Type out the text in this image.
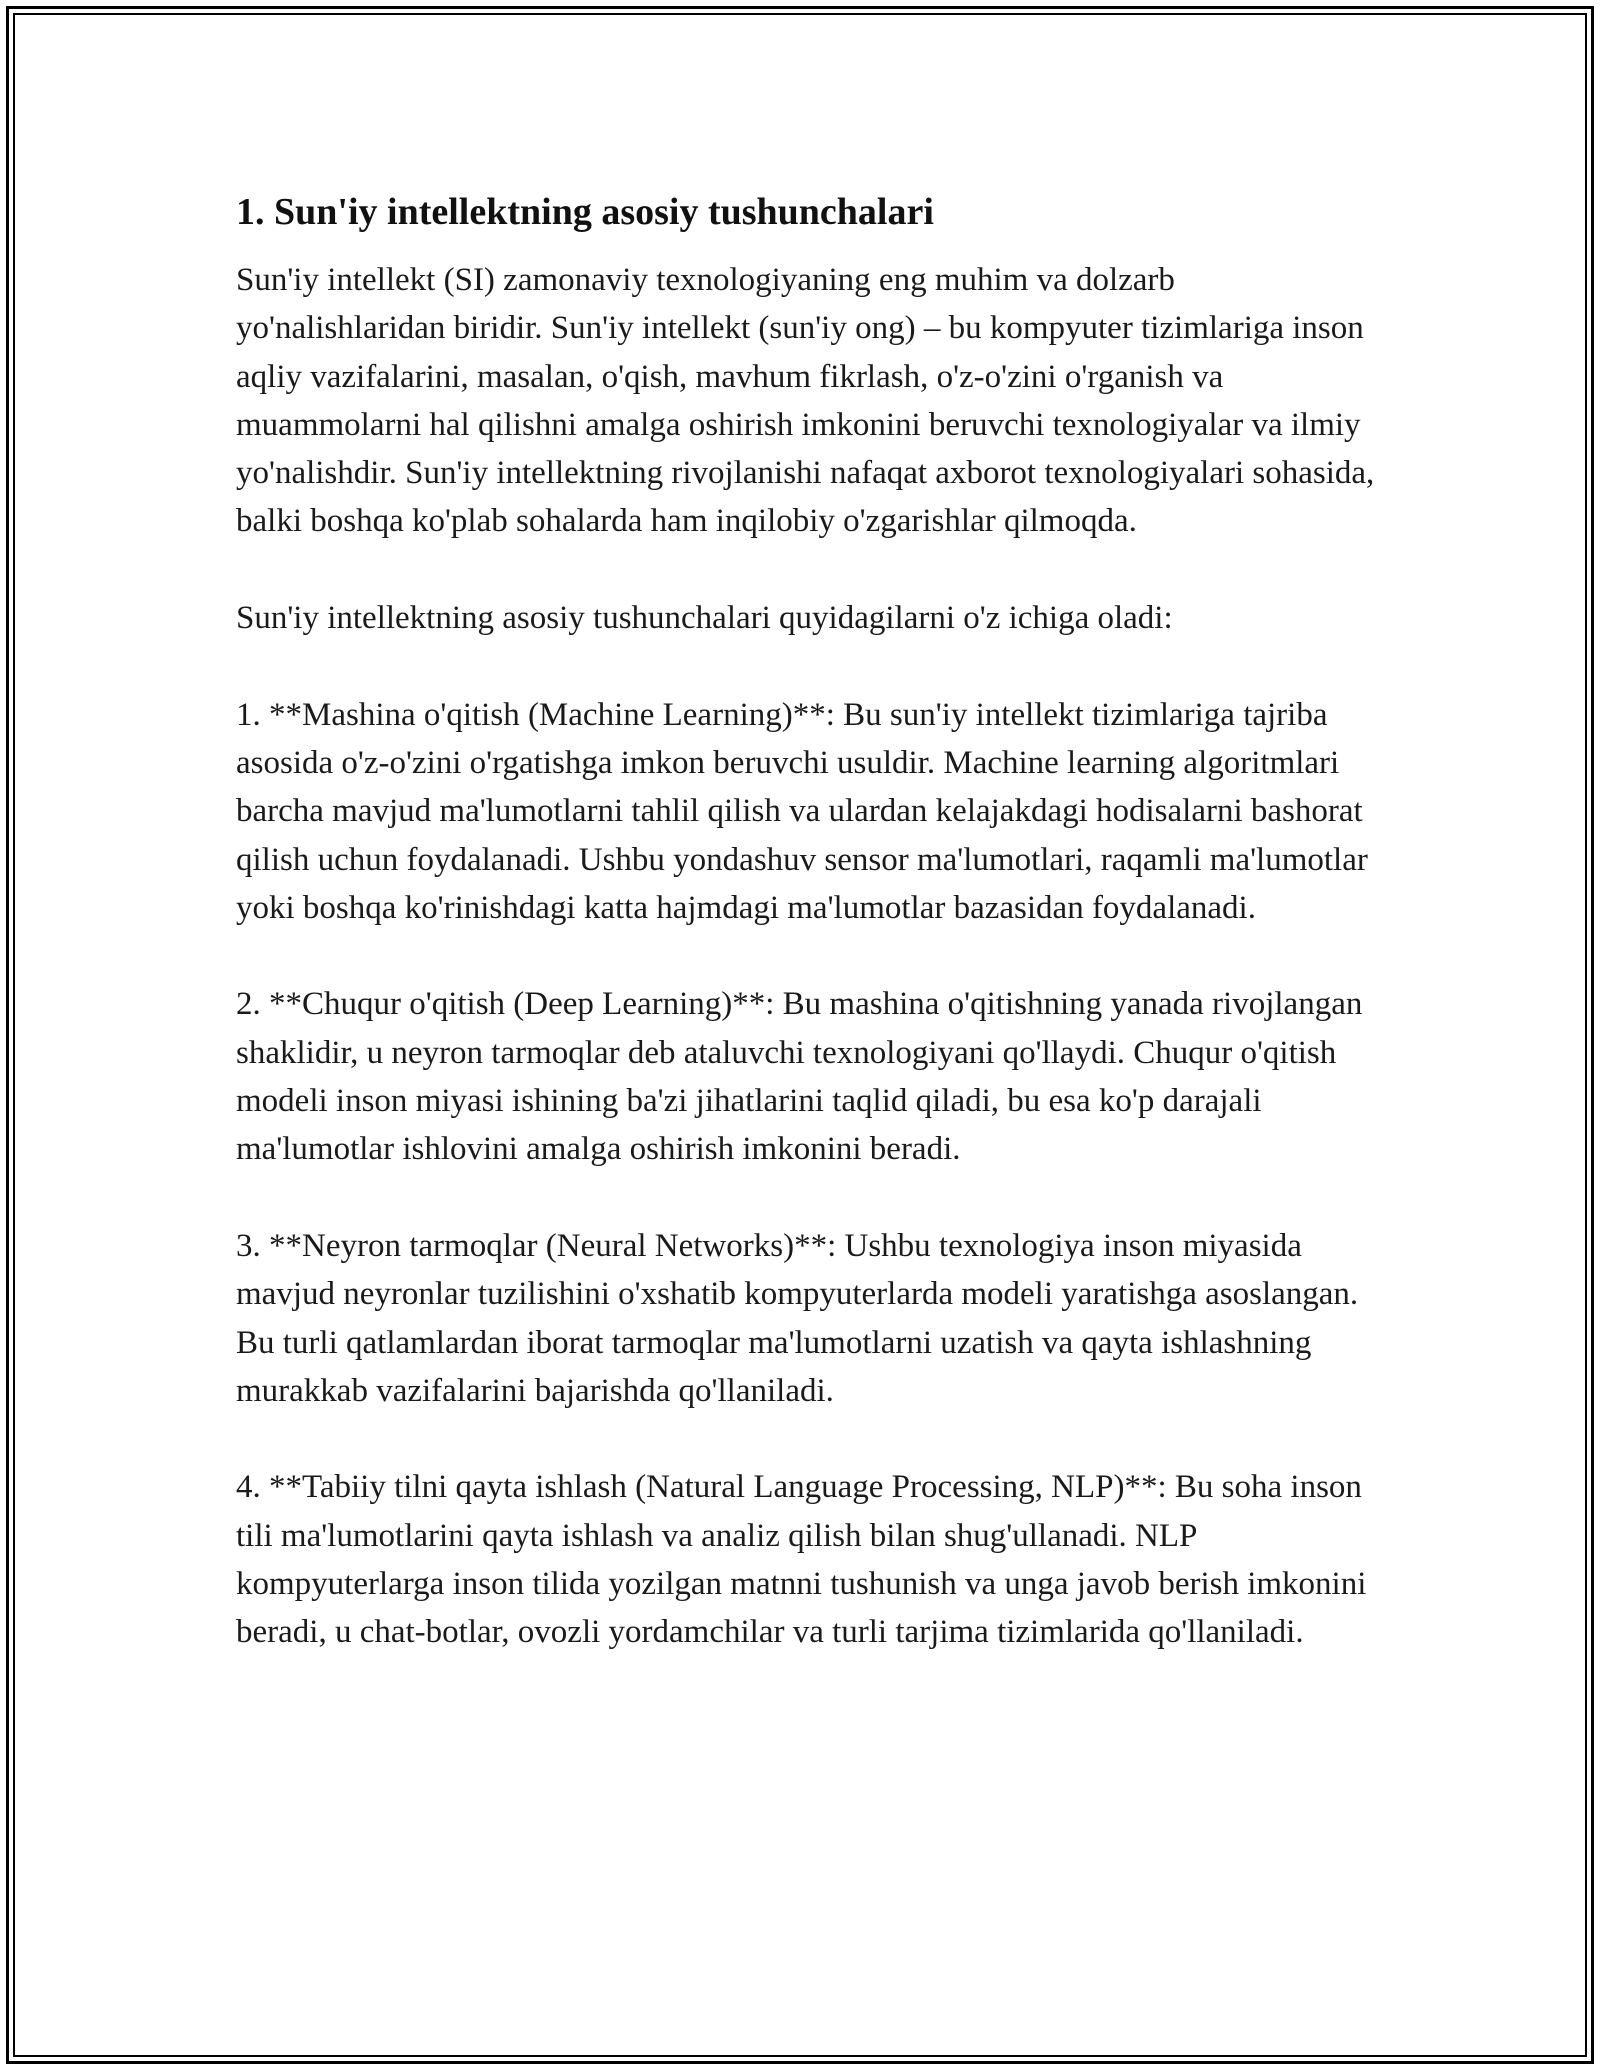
1. Sun'iy intellektning asosiy tushunchalari

Sun'iy intellekt (SI) zamonaviy texnologiyaning eng muhim va dolzarb yo'nalishlaridan biridir. Sun'iy intellekt (sun'iy ong) – bu kompyuter tizimlariga inson aqliy vazifalarini, masalan, o'qish, mavhum fikrlash, o'z-o'zini o'rganish va muammolarni hal qilishni amalga oshirish imkonini beruvchi texnologiyalar va ilmiy yo'nalishdir. Sun'iy intellektning rivojlanishi nafaqat axborot texnologiyalari sohasida, balki boshqa ko'plab sohalarda ham inqilobiy o'zgarishlar qilmoqda.

Sun'iy intellektning asosiy tushunchalari quyidagilarni o'z ichiga oladi:

1. **Mashina o'qitish (Machine Learning)**: Bu sun'iy intellekt tizimlariga tajriba asosida o'z-o'zini o'rgatishga imkon beruvchi usuldir. Machine learning algoritmlari barcha mavjud ma'lumotlarni tahlil qilish va ulardan kelajakdagi hodisalarni bashorat qilish uchun foydalanadi. Ushbu yondashuv sensor ma'lumotlari, raqamli ma'lumotlar yoki boshqa ko'rinishdagi katta hajmdagi ma'lumotlar bazasidan foydalanadi.

2. **Chuqur o'qitish (Deep Learning)**: Bu mashina o'qitishning yanada rivojlangan shaklidir, u neyron tarmoqlar deb ataluvchi texnologiyani qo'llaydi. Chuqur o'qitish modeli inson miyasi ishining ba'zi jihatlarini taqlid qiladi, bu esa ko'p darajali ma'lumotlar ishlovini amalga oshirish imkonini beradi.

3. **Neyron tarmoqlar (Neural Networks)**: Ushbu texnologiya inson miyasida mavjud neyronlar tuzilishini o'xshatib kompyuterlarda modeli yaratishga asoslangan. Bu turli qatlamlardan iborat tarmoqlar ma'lumotlarni uzatish va qayta ishlashning murakkab vazifalarini bajarishda qo'llaniladi.

4. **Tabiiy tilni qayta ishlash (Natural Language Processing, NLP)**: Bu soha inson tili ma'lumotlarini qayta ishlash va analiz qilish bilan shug'ullanadi. NLP kompyuterlarga inson tilida yozilgan matnni tushunish va unga javob berish imkonini beradi, u chat-botlar, ovozli yordamchilar va turli tarjima tizimlarida qo'llaniladi.
